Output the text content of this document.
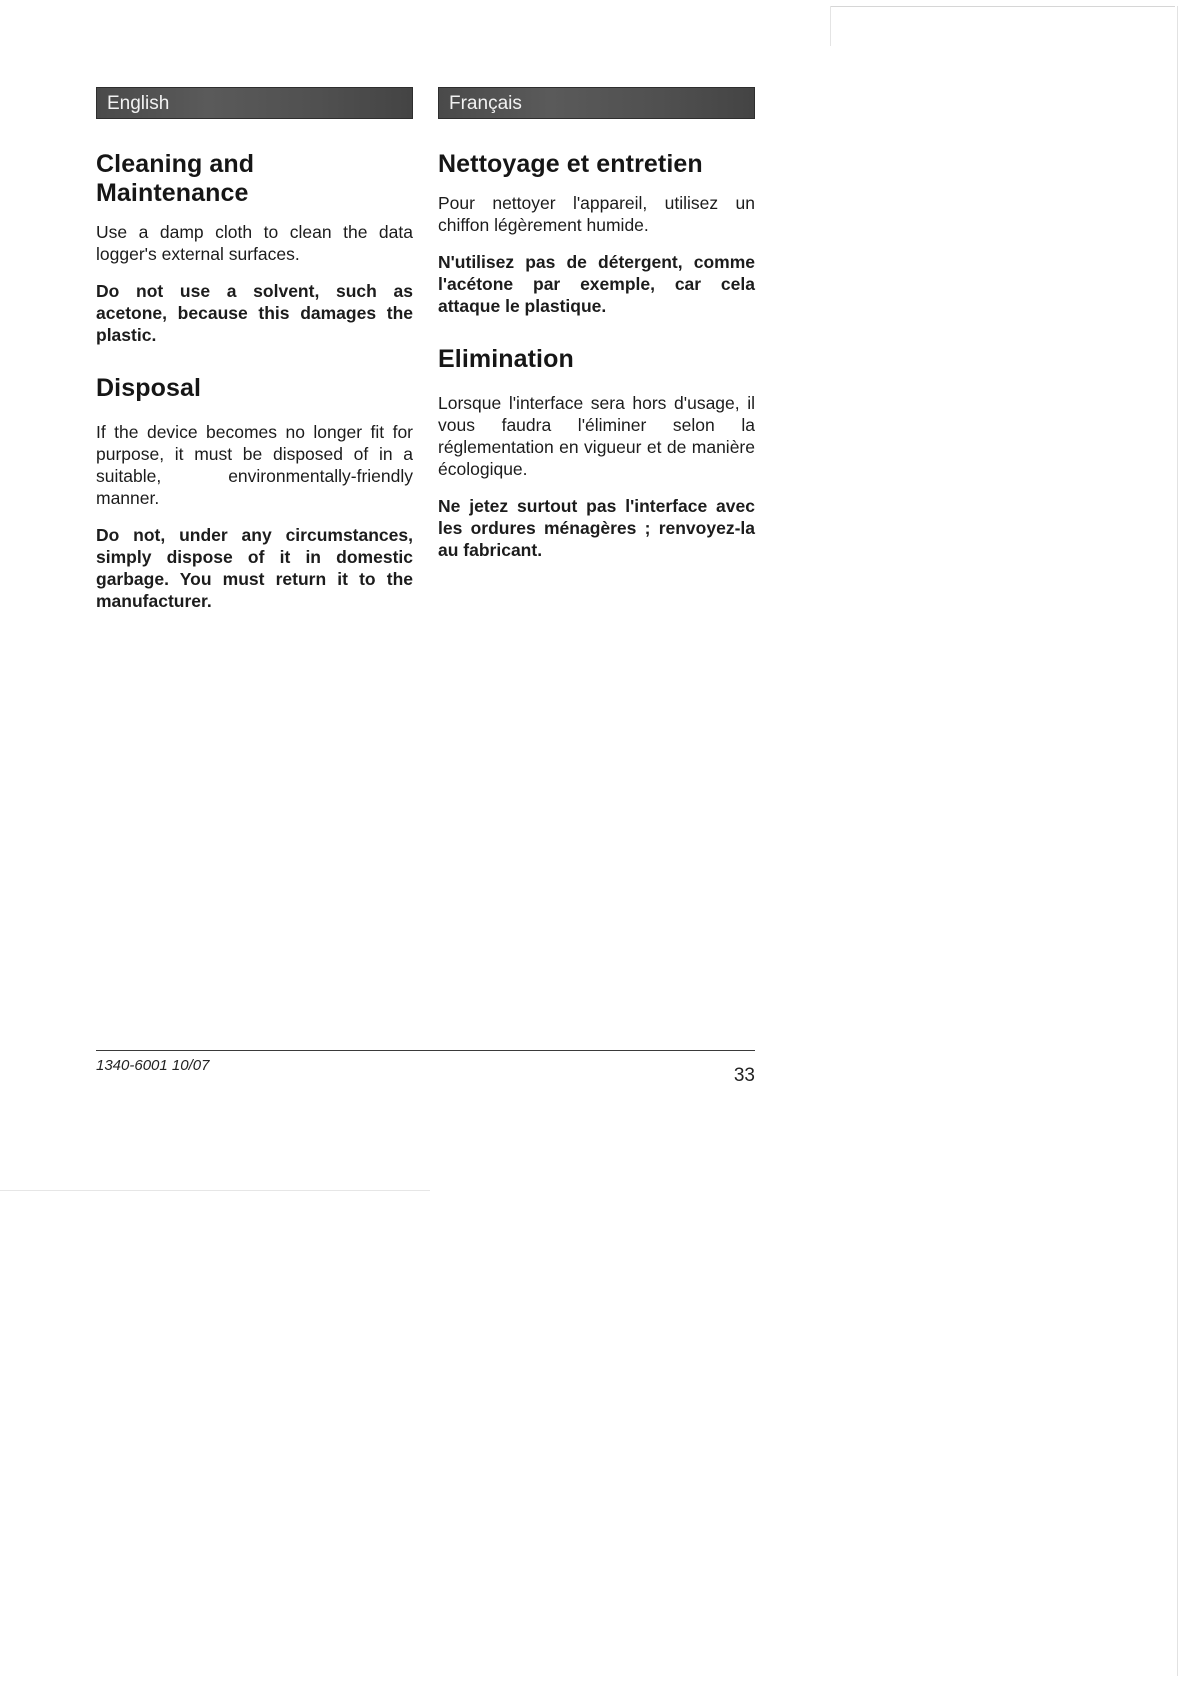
English
Cleaning and Maintenance

Use a damp cloth to clean the data logger's external surfaces.

Do not use a solvent, such as acetone, because this damages the plastic.

Disposal

If the device becomes no longer fit for purpose, it must be disposed of in a suitable, environmentally-friendly manner.

Do not, under any circumstances, simply dispose of it in domestic garbage. You must return it to the manufacturer.

Français
Nettoyage et entretien

Pour nettoyer l'appareil, utilisez un chiffon légèrement humide.

N'utilisez pas de détergent, comme l'acétone par exemple, car cela attaque le plastique.

Elimination

Lorsque l'interface sera hors d'usage, il vous faudra l'éliminer selon la réglementation en vigueur et de manière écologique.

Ne jetez surtout pas l'interface avec les ordures ménagères ; renvoyez-la au fabricant.

1340-6001 10/07	33
